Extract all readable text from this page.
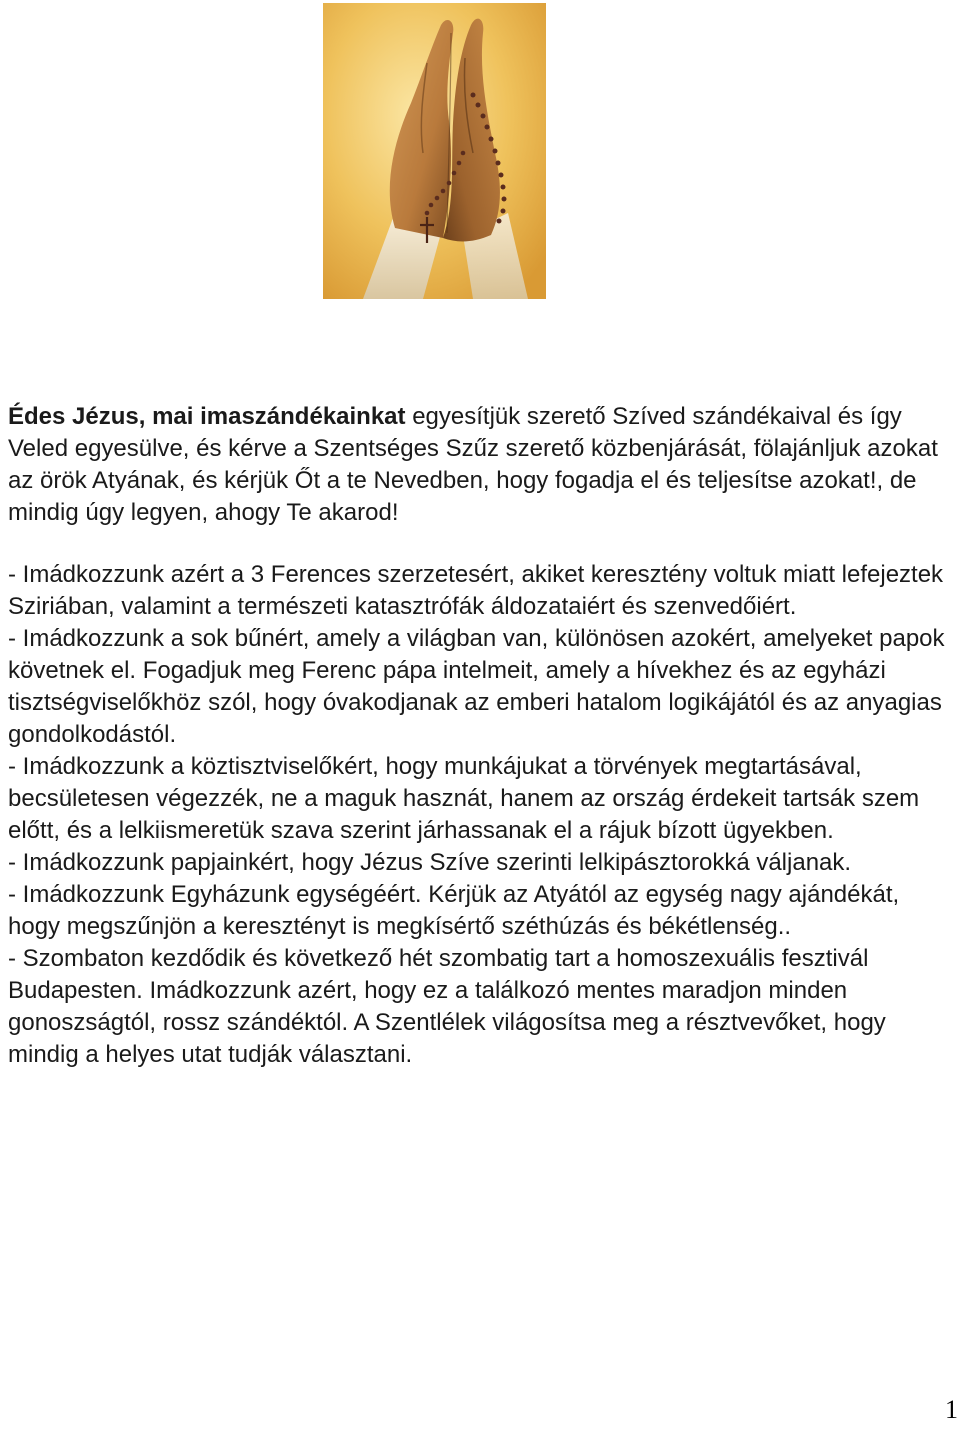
Édes Jézus, mai imaszándékainkat egyesítjük szerető Szíved szándékaival és így Veled egyesülve, és kérve a Szentséges Szűz szerető közbenjárását, fölajánljuk azokat az örök Atyának, és kérjük Őt a te Nevedben, hogy fogadja el és teljesítse azokat!, de mindig úgy legyen, ahogy Te akarod!

- Imádkozzunk azért a 3 Ferences szerzetesért, akiket keresztény voltuk miatt lefejeztek Sziriában, valamint a természeti katasztrófák áldozataiért és szenvedőiért.

- Imádkozzunk a sok bűnért, amely a világban van, különösen azokért, amelyeket papok követnek el. Fogadjuk meg Ferenc pápa intelmeit, amely a hívekhez és az egyházi tisztségviselőkhöz szól, hogy óvakodjanak az emberi hatalom logikájától és az anyagias gondolkodástól.

- Imádkozzunk a köztisztviselőkért, hogy munkájukat a törvények megtartásával, becsületesen végezzék, ne a maguk hasznát, hanem az ország érdekeit tartsák szem előtt, és a lelkiismeretük szava szerint járhassanak el a rájuk bízott ügyekben.

- Imádkozzunk papjainkért, hogy Jézus Szíve szerinti lelkipásztorokká váljanak.

- Imádkozzunk Egyházunk egységéért. Kérjük az Atyától az egység nagy ajándékát, hogy megszűnjön a keresztényt is megkísértő széthúzás és békétlenség..

- Szombaton kezdődik és következő hét szombatig tart a homoszexuális fesztivál Budapesten. Imádkozzunk azért, hogy ez a találkozó mentes maradjon minden gonoszságtól, rossz szándéktól. A Szentlélek világosítsa meg a résztvevőket, hogy mindig a helyes utat tudják választani.

1
